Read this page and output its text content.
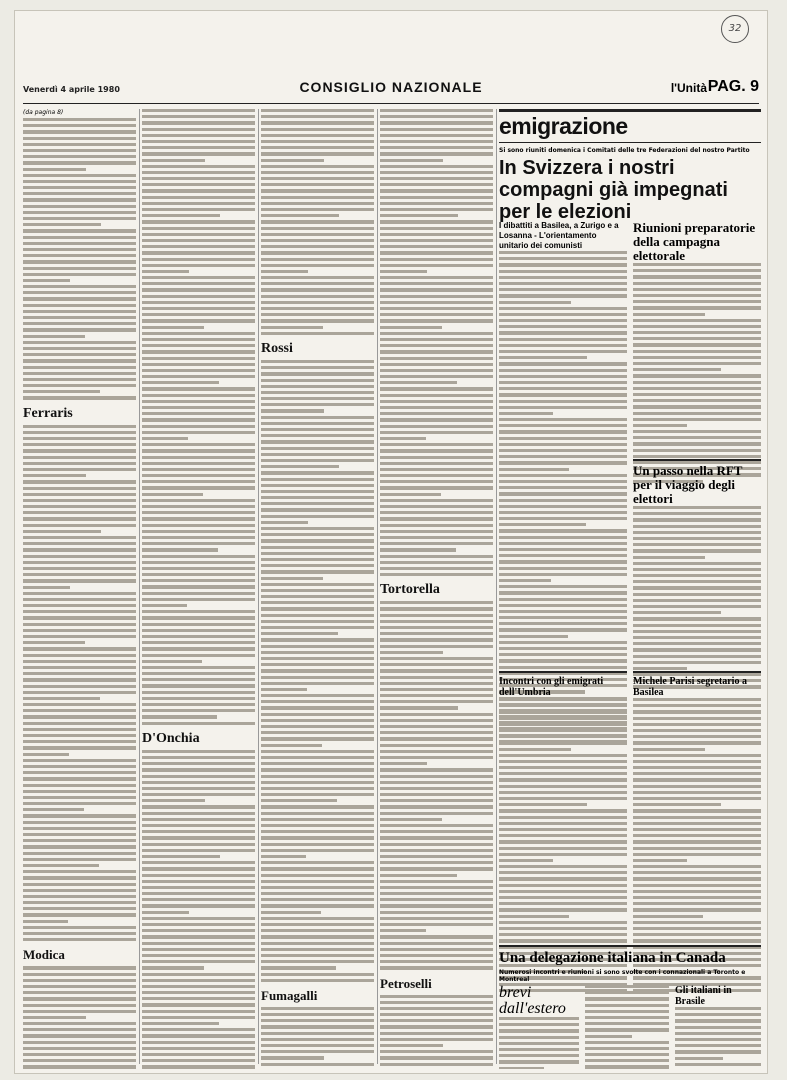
32
Venerdì 4 aprile 1980	CONSIGLIO NAZIONALE	l'Unità PAG. 9
(da pagina 8)
Ferraris
Modica
D'Onchia
Rossi
Fumagalli
Tortorella
Petroselli
emigrazione
Si sono riuniti domenica i Comitati delle tre Federazioni del nostro Partito
In Svizzera i nostri compagni già impegnati per le elezioni
I dibattiti a Basilea, a Zurigo e a Losanna - L'orientamento unitario dei comunisti
Riunioni preparatorie della campagna elettorale
Un passo nella RFT per il viaggio degli elettori
Incontri con gli emigrati dell'Umbria
Michele Parisi segretario a Basilea
Una delegazione italiana in Canada
Numerosi incontri e riunioni si sono svolte con i connazionali a Toronto e Montreal
brevi dall'estero
Gli italiani in Brasile
